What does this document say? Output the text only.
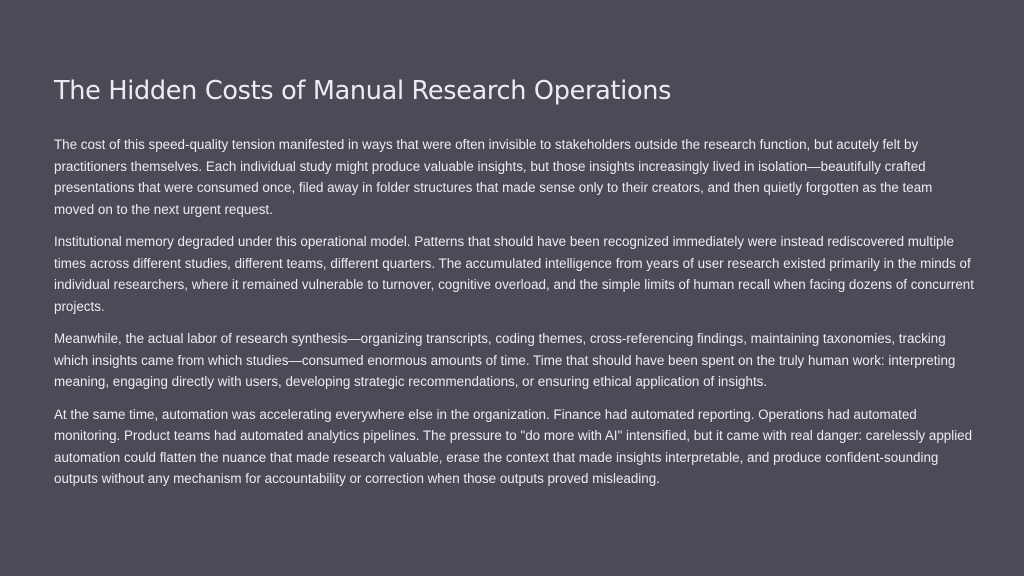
The Hidden Costs of Manual Research Operations

The cost of this speed-quality tension manifested in ways that were often invisible to stakeholders outside the research function, but acutely felt by practitioners themselves. Each individual study might produce valuable insights, but those insights increasingly lived in isolation—beautifully crafted presentations that were consumed once, filed away in folder structures that made sense only to their creators, and then quietly forgotten as the team moved on to the next urgent request.

Institutional memory degraded under this operational model. Patterns that should have been recognized immediately were instead rediscovered multiple times across different studies, different teams, different quarters. The accumulated intelligence from years of user research existed primarily in the minds of individual researchers, where it remained vulnerable to turnover, cognitive overload, and the simple limits of human recall when facing dozens of concurrent projects.

Meanwhile, the actual labor of research synthesis—organizing transcripts, coding themes, cross-referencing findings, maintaining taxonomies, tracking which insights came from which studies—consumed enormous amounts of time. Time that should have been spent on the truly human work: interpreting meaning, engaging directly with users, developing strategic recommendations, or ensuring ethical application of insights.

At the same time, automation was accelerating everywhere else in the organization. Finance had automated reporting. Operations had automated monitoring. Product teams had automated analytics pipelines. The pressure to "do more with AI" intensified, but it came with real danger: carelessly applied automation could flatten the nuance that made research valuable, erase the context that made insights interpretable, and produce confident-sounding outputs without any mechanism for accountability or correction when those outputs proved misleading.
